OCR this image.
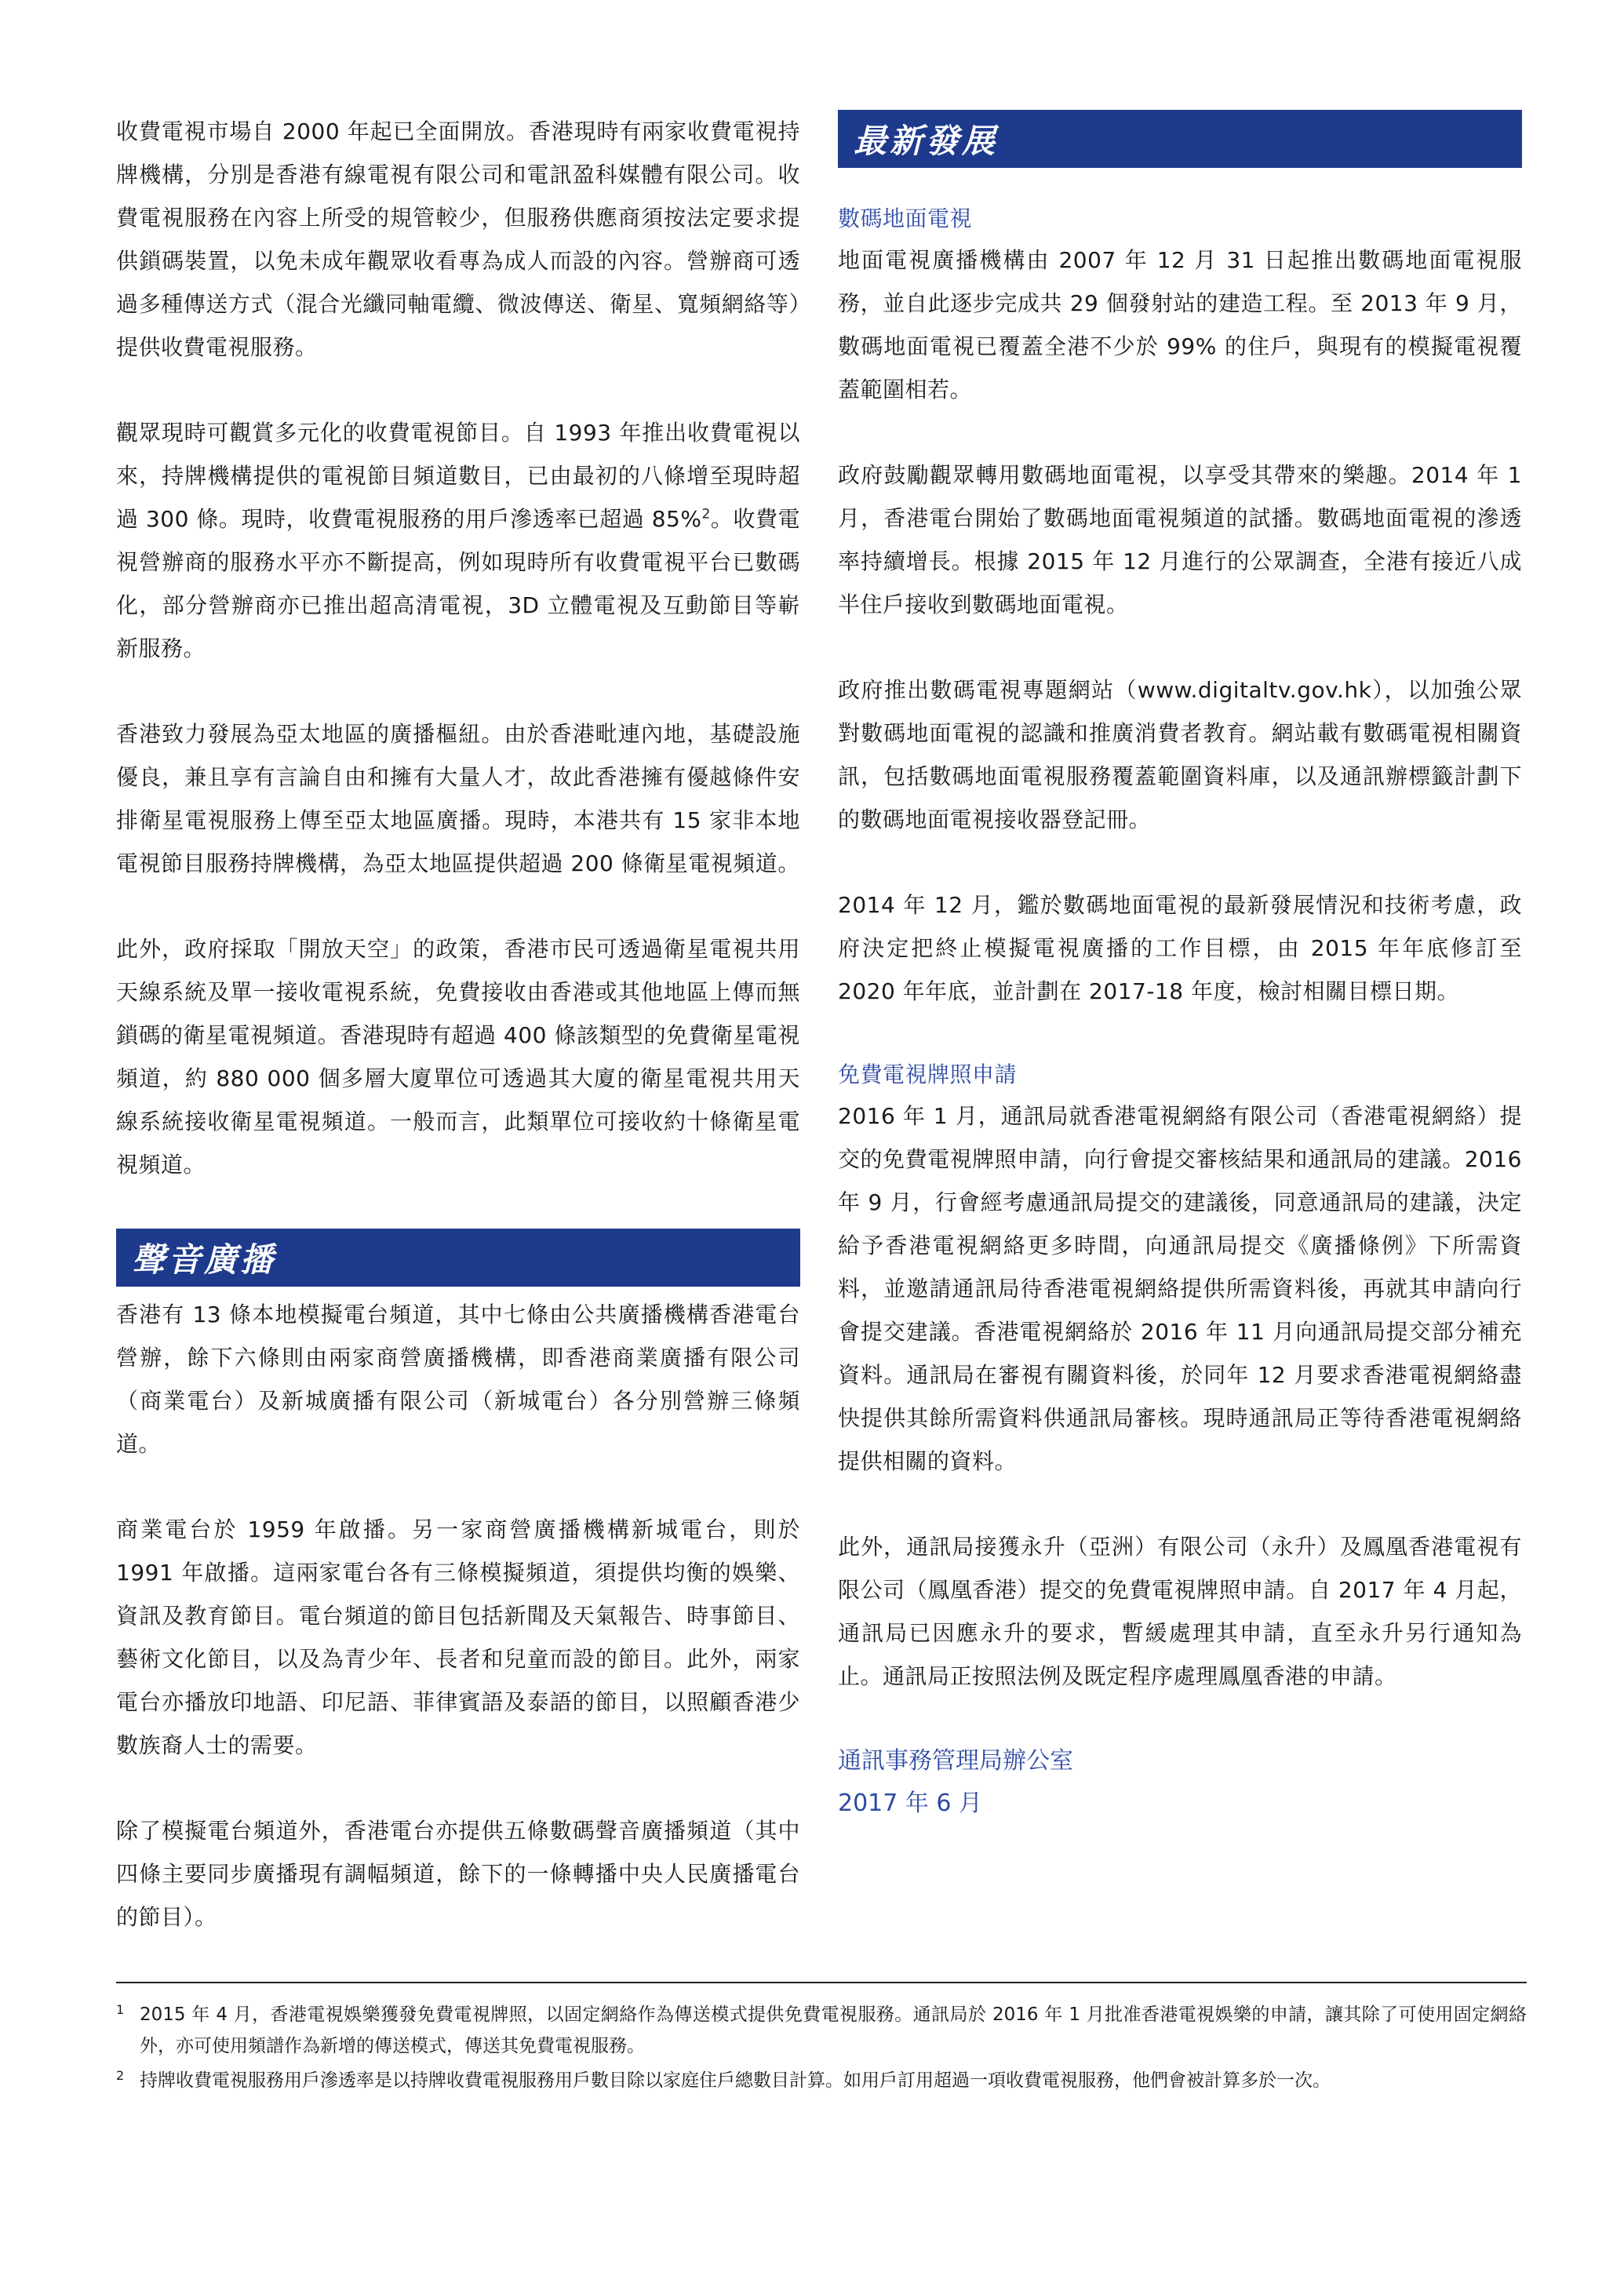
收費電視市場自 2000 年起已全面開放。香港現時有兩家收費電視持牌機構，分別是香港有線電視有限公司和電訊盈科媒體有限公司。收費電視服務在內容上所受的規管較少，但服務供應商須按法定要求提供鎖碼裝置，以免未成年觀眾收看專為成人而設的內容。營辦商可透過多種傳送方式（混合光纖同軸電纜、微波傳送、衛星、寬頻網絡等）提供收費電視服務。

觀眾現時可觀賞多元化的收費電視節目。自 1993 年推出收費電視以來，持牌機構提供的電視節目頻道數目，已由最初的八條增至現時超過 300 條。現時，收費電視服務的用戶滲透率已超過 85%$^2$。收費電視營辦商的服務水平亦不斷提高，例如現時所有收費電視平台已數碼化，部分營辦商亦已推出超高清電視，3D 立體電視及互動節目等嶄新服務。

香港致力發展為亞太地區的廣播樞紐。由於香港毗連內地，基礎設施優良，兼且享有言論自由和擁有大量人才，故此香港擁有優越條件安排衛星電視服務上傳至亞太地區廣播。現時，本港共有 15 家非本地電視節目服務持牌機構，為亞太地區提供超過 200 條衛星電視頻道。

此外，政府採取「開放天空」的政策，香港市民可透過衛星電視共用天線系統及單一接收電視系統，免費接收由香港或其他地區上傳而無鎖碼的衛星電視頻道。香港現時有超過 400 條該類型的免費衛星電視頻道，約 880 000 個多層大廈單位可透過其大廈的衛星電視共用天線系統接收衛星電視頻道。一般而言，此類單位可接收約十條衛星電視頻道。

聲音廣播

香港有 13 條本地模擬電台頻道，其中七條由公共廣播機構香港電台營辦，餘下六條則由兩家商營廣播機構，即香港商業廣播有限公司（商業電台）及新城廣播有限公司（新城電台）各分別營辦三條頻道。

商業電台於 1959 年啟播。另一家商營廣播機構新城電台，則於 1991 年啟播。這兩家電台各有三條模擬頻道，須提供均衡的娛樂、資訊及教育節目。電台頻道的節目包括新聞及天氣報告、時事節目、藝術文化節目，以及為青少年、長者和兒童而設的節目。此外，兩家電台亦播放印地語、印尼語、菲律賓語及泰語的節目，以照顧香港少數族裔人士的需要。

除了模擬電台頻道外，香港電台亦提供五條數碼聲音廣播頻道（其中四條主要同步廣播現有調幅頻道，餘下的一條轉播中央人民廣播電台的節目）。

最新發展
數碼地面電視

地面電視廣播機構由 2007 年 12 月 31 日起推出數碼地面電視服務，並自此逐步完成共 29 個發射站的建造工程。至 2013 年 9 月，數碼地面電視已覆蓋全港不少於 99% 的住戶，與現有的模擬電視覆蓋範圍相若。

政府鼓勵觀眾轉用數碼地面電視，以享受其帶來的樂趣。2014 年 1 月，香港電台開始了數碼地面電視頻道的試播。數碼地面電視的滲透率持續增長。根據 2015 年 12 月進行的公眾調查，全港有接近八成半住戶接收到數碼地面電視。

政府推出數碼電視專題網站（www.digitaltv.gov.hk），以加強公眾對數碼地面電視的認識和推廣消費者教育。網站載有數碼電視相關資訊，包括數碼地面電視服務覆蓋範圍資料庫，以及通訊辦標籤計劃下的數碼地面電視接收器登記冊。

2014 年 12 月，鑑於數碼地面電視的最新發展情況和技術考慮，政府決定把終止模擬電視廣播的工作目標，由 2015 年年底修訂至 2020 年年底，並計劃在 2017-18 年度，檢討相關目標日期。

免費電視牌照申請

2016 年 1 月，通訊局就香港電視網絡有限公司（香港電視網絡）提交的免費電視牌照申請，向行會提交審核結果和通訊局的建議。2016 年 9 月，行會經考慮通訊局提交的建議後，同意通訊局的建議，決定給予香港電視網絡更多時間，向通訊局提交《廣播條例》下所需資料，並邀請通訊局待香港電視網絡提供所需資料後，再就其申請向行會提交建議。香港電視網絡於 2016 年 11 月向通訊局提交部分補充資料。通訊局在審視有關資料後，於同年 12 月要求香港電視網絡盡快提供其餘所需資料供通訊局審核。現時通訊局正等待香港電視網絡提供相關的資料。

此外，通訊局接獲永升（亞洲）有限公司（永升）及鳳凰香港電視有限公司（鳳凰香港）提交的免費電視牌照申請。自 2017 年 4 月起，通訊局已因應永升的要求，暫緩處理其申請，直至永升另行通知為止。通訊局正按照法例及既定程序處理鳳凰香港的申請。

通訊事務管理局辦公室
2017 年 6 月
1 2015 年 4 月，香港電視娛樂獲發免費電視牌照，以固定網絡作為傳送模式提供免費電視服務。通訊局於 2016 年 1 月批准香港電視娛樂的申請，讓其除了可使用固定網絡外，亦可使用頻譜作為新增的傳送模式，傳送其免費電視服務。
2 持牌收費電視服務用戶滲透率是以持牌收費電視服務用戶數目除以家庭住戶總數目計算。如用戶訂用超過一項收費電視服務，他們會被計算多於一次。
